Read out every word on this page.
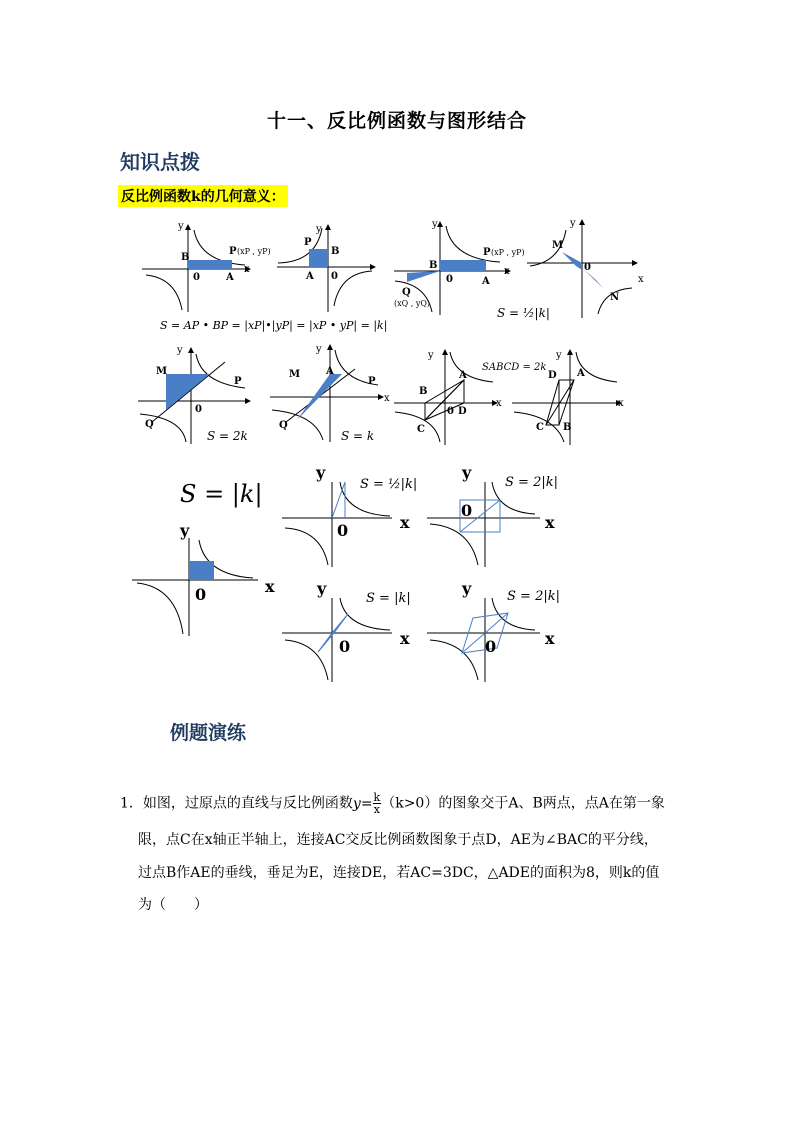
十一、反比例函数与图形结合
知识点拨
反比例函数k的几何意义：
y
x
B
0	A
P (xP , yP)
y
P
B
A 0
y
x
B
0	A
P (xP , yP)
Q
(xQ , yQ)
y
x
M
0
N
S = AP • BP = |xP|•|yP| = |xP • yP| = |k|
S = ½|k|
y
M
P
0
Q
S = 2k
y
M	A
P
x
Q
S = k
y
SABCD = 2k
A
B
x
0 D
C
y
D A
x
C B
S = |k|
y
x
0
y
x
0
S = ½|k|
y
x
0
S = 2|k|
y
x
0
S = |k|
y
x
0
S = 2|k|
例题演练
1．如图，过原点的直线与反比例函数$y= \frac{k}{x} (k>0)$的图象交于A、B两点，点A在第一象
限，点C在x轴正半轴上，连接AC交反比例函数图象于点D，AE为∠BAC的平分线，
过点B作AE的垂线，垂足为E，连接DE，若AC=3DC，△ADE的面积为8，则k的值
为（　　）
